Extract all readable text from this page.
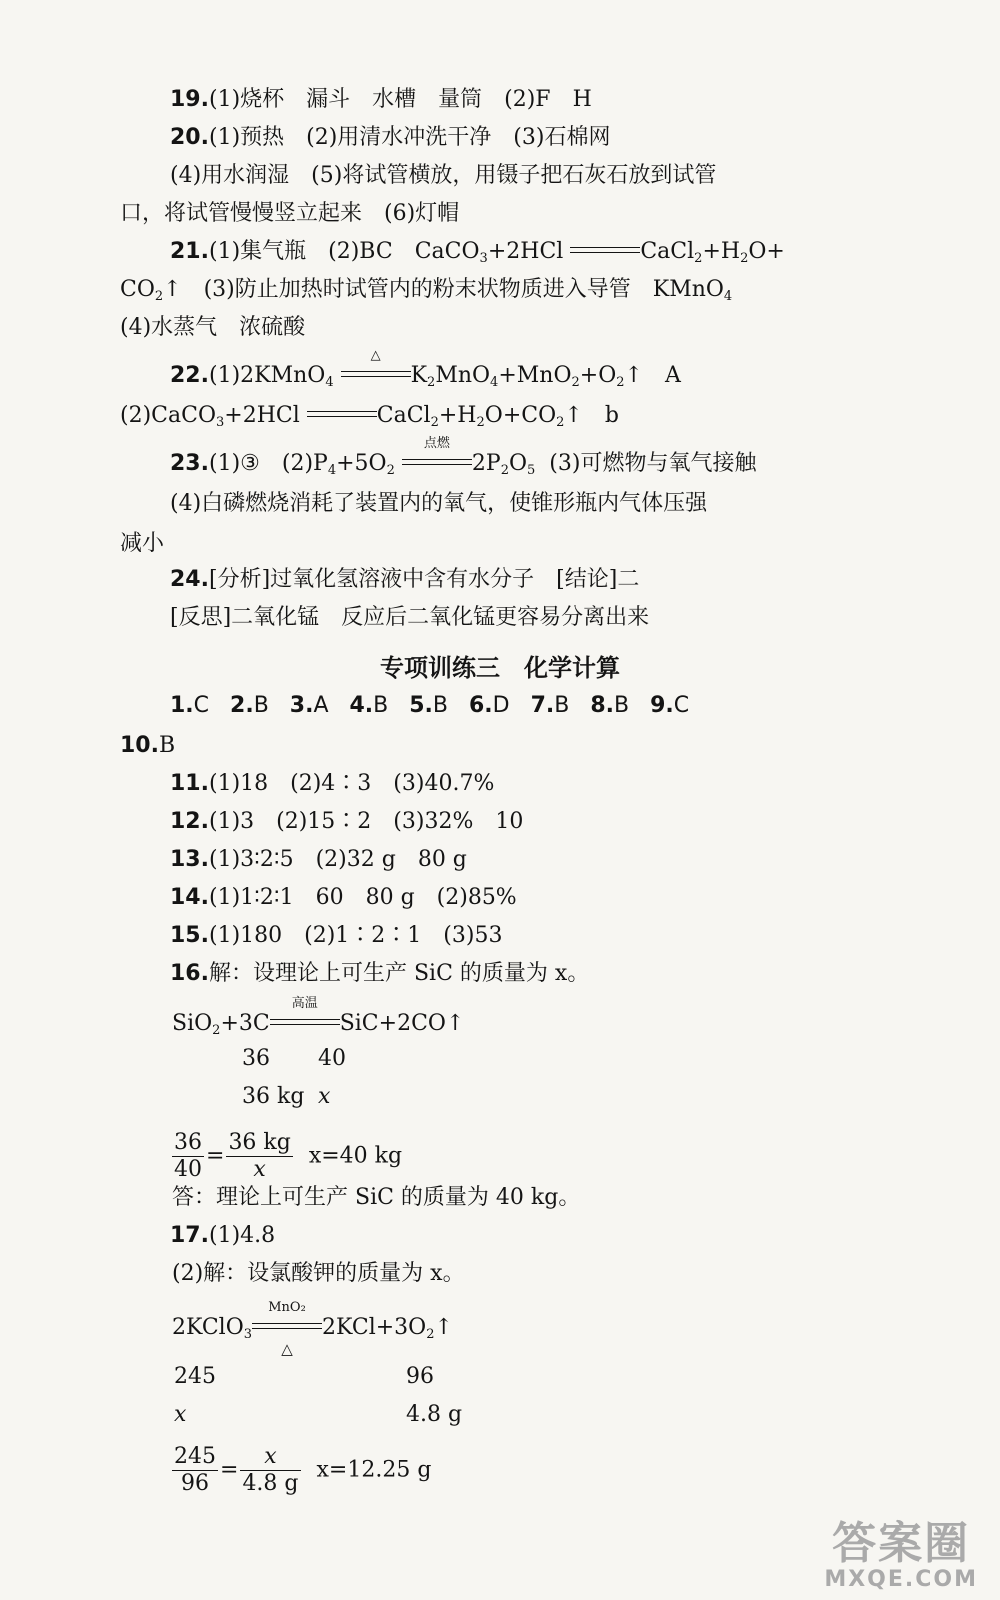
19.(1)烧杯　漏斗　水槽　量筒　(2)F　H
20.(1)预热　(2)用清水冲洗干净　(3)石棉网
(4)用水润湿　(5)将试管横放，用镊子把石灰石放到试管
口，将试管慢慢竖立起来　(6)灯帽
21.(1)集气瓶　(2)BC　CaCO$_3$+2HCl	$CaCl_2+H_2O+$
$CO_2↑$　(3)防止加热时试管内的粉末状物质进入导管　KMnO$_4$
(4)水蒸气　浓硫酸
22.(1)2KMnO$_4$
△
$K_2MnO_4+MnO_2+O_2↑$　A
(2)CaCO$_3$+2HCl	$CaCl_2+H_2O+CO_2↑$　b
23.(1)③　$(2)P_4+5O_2$
点燃
$2P_2O_5$ (3)可燃物与氧气接触
(4)白磷燃烧消耗了装置内的氧气，使锥形瓶内气体压强
减小
24.[分析]过氧化氢溶液中含有水分子　[结论]二
[反思]二氧化锰　反应后二氧化锰更容易分离出来
专项训练三　化学计算
1.C 2.B 3.A 4.B 5.B 6.D 7.B 8.B 9.C
10.B
11.(1)18　(2)4∶3　(3)40.7%
12.(1)3　(2)15∶2　(3)32%　10
13.(1)3∶2∶5　(2)32 g　80 g
14.(1)1∶2∶1　60　80 g　(2)85%
15.(1)180　(2)1∶2∶1　(3)53
16.解：设理论上可生产 SiC 的质量为 x。
SiO$_2$+3C
高温
SiC+2CO↑
36 40
36 kg x
$\frac{36}{40} = \frac{36 kg}{x} x=40$ kg
答：理论上可生产 SiC 的质量为 40 kg。
17.(1)4.8
(2)解：设氯酸钾的质量为 x。
2KClO$_3$
MnO₂
△
$2KCl+3O_2↑$
245	96
x	4.8 g
$\frac{245}{96} = \frac{x}{4.8 g} x=12.25$ g
答案圈
MXQE.COM
